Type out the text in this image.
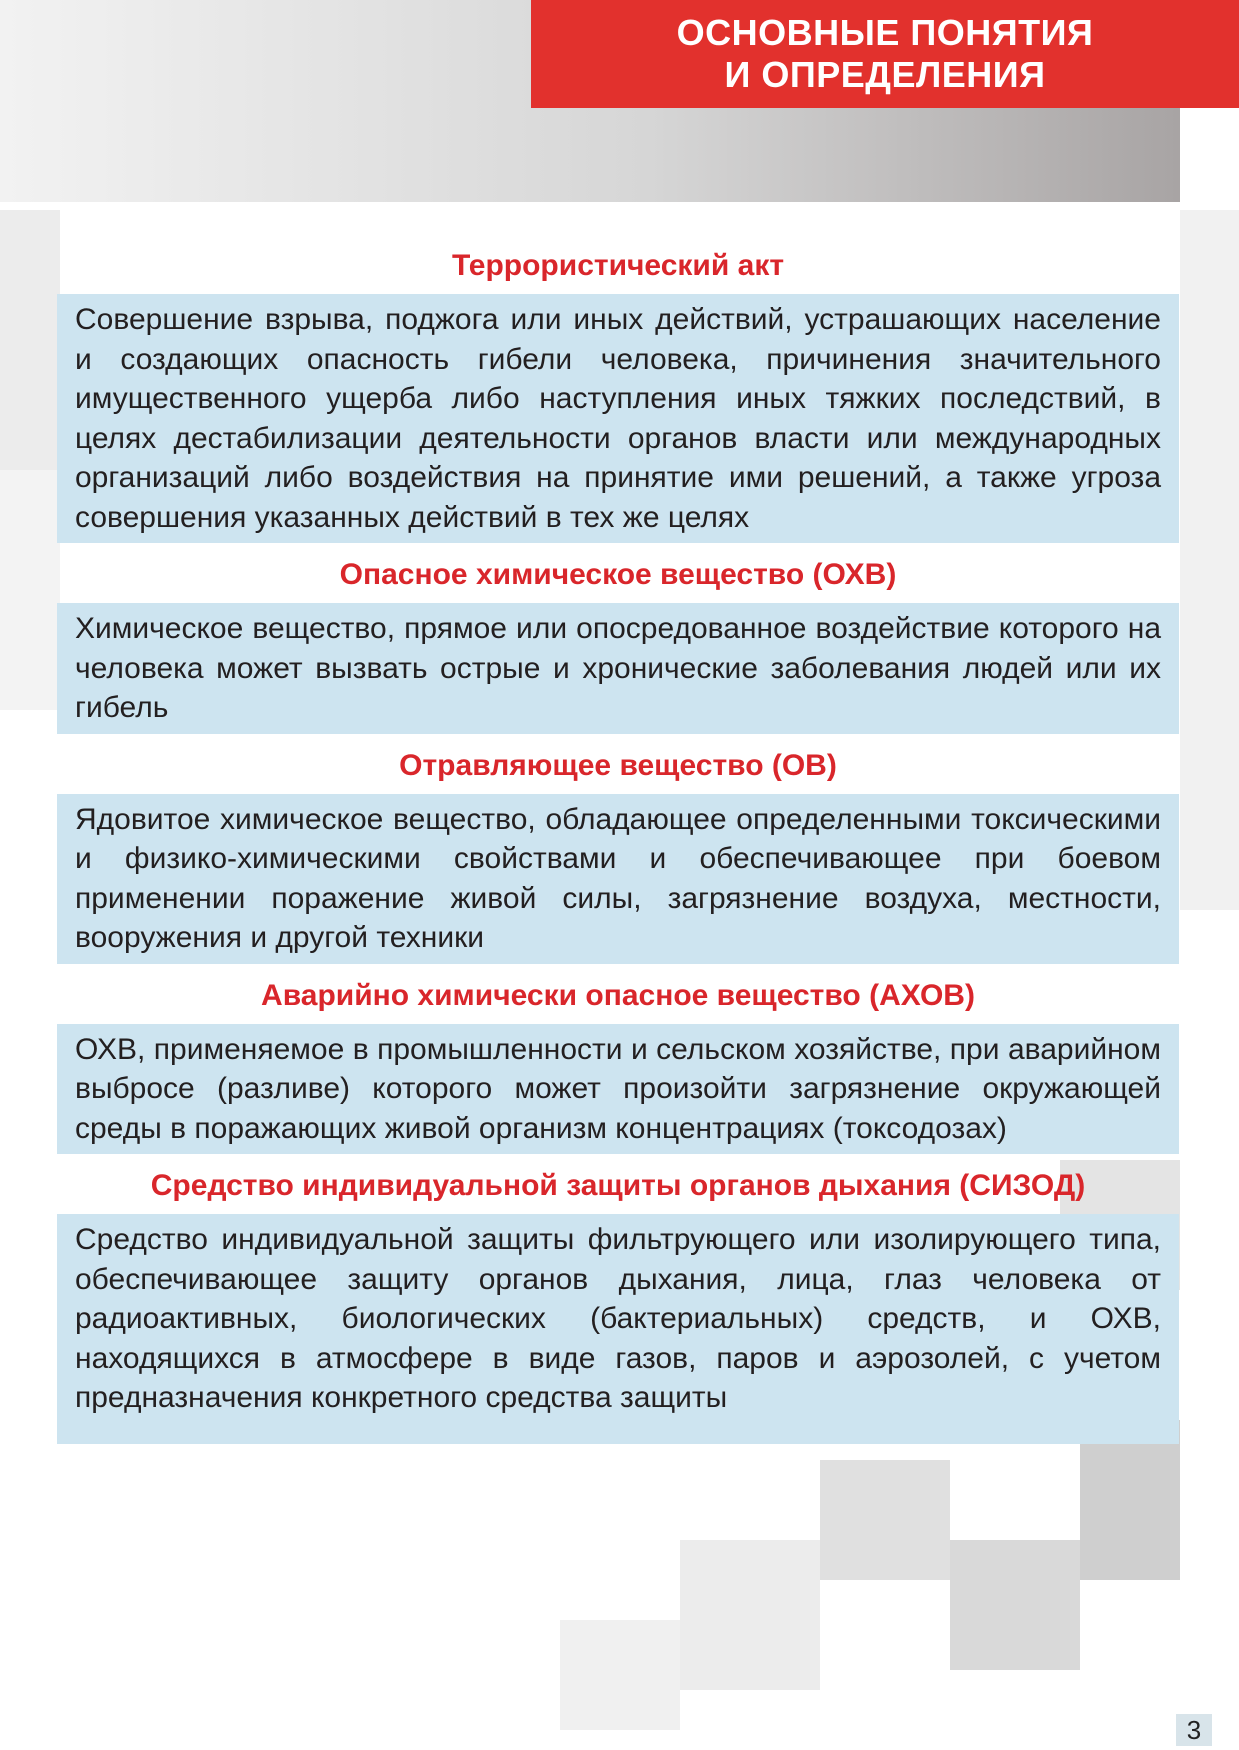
ОСНОВНЫЕ ПОНЯТИЯ
И ОПРЕДЕЛЕНИЯ
Террористический акт
Совершение взрыва, поджога или иных действий, устрашающих население и создающих опасность гибели человека, причинения значительного имущественного ущерба либо наступления иных тяжких последствий, в целях дестабилизации деятельности органов власти или международных организаций либо воздействия на принятие ими решений, а также угроза совершения указанных действий в тех же целях
Опасное химическое вещество (ОХВ)
Химическое вещество, прямое или опосредованное воздействие которого на человека может вызвать острые и хронические заболевания людей или их гибель
Отравляющее вещество (ОВ)
Ядовитое химическое вещество, обладающее определенными токсическими и физико-химическими свойствами и обеспечивающее при боевом применении поражение живой силы, загрязнение воздуха, местности, вооружения и другой техники
Аварийно химически опасное вещество (АХОВ)
ОХВ, применяемое в промышленности и сельском хозяйстве, при аварийном выбросе (разливе) которого может произойти загрязнение окружающей среды в поражающих живой организм концентрациях (токсодозах)
Средство индивидуальной защиты органов дыхания (СИЗОД)
Средство индивидуальной защиты фильтрующего или изолирующего типа, обеспечивающее защиту органов дыхания, лица, глаз человека от радиоактивных, биологических (бактериальных) средств, и ОХВ, находящихся в атмосфере в виде газов, паров и аэрозолей, с учетом предназначения конкретного средства защиты
3
